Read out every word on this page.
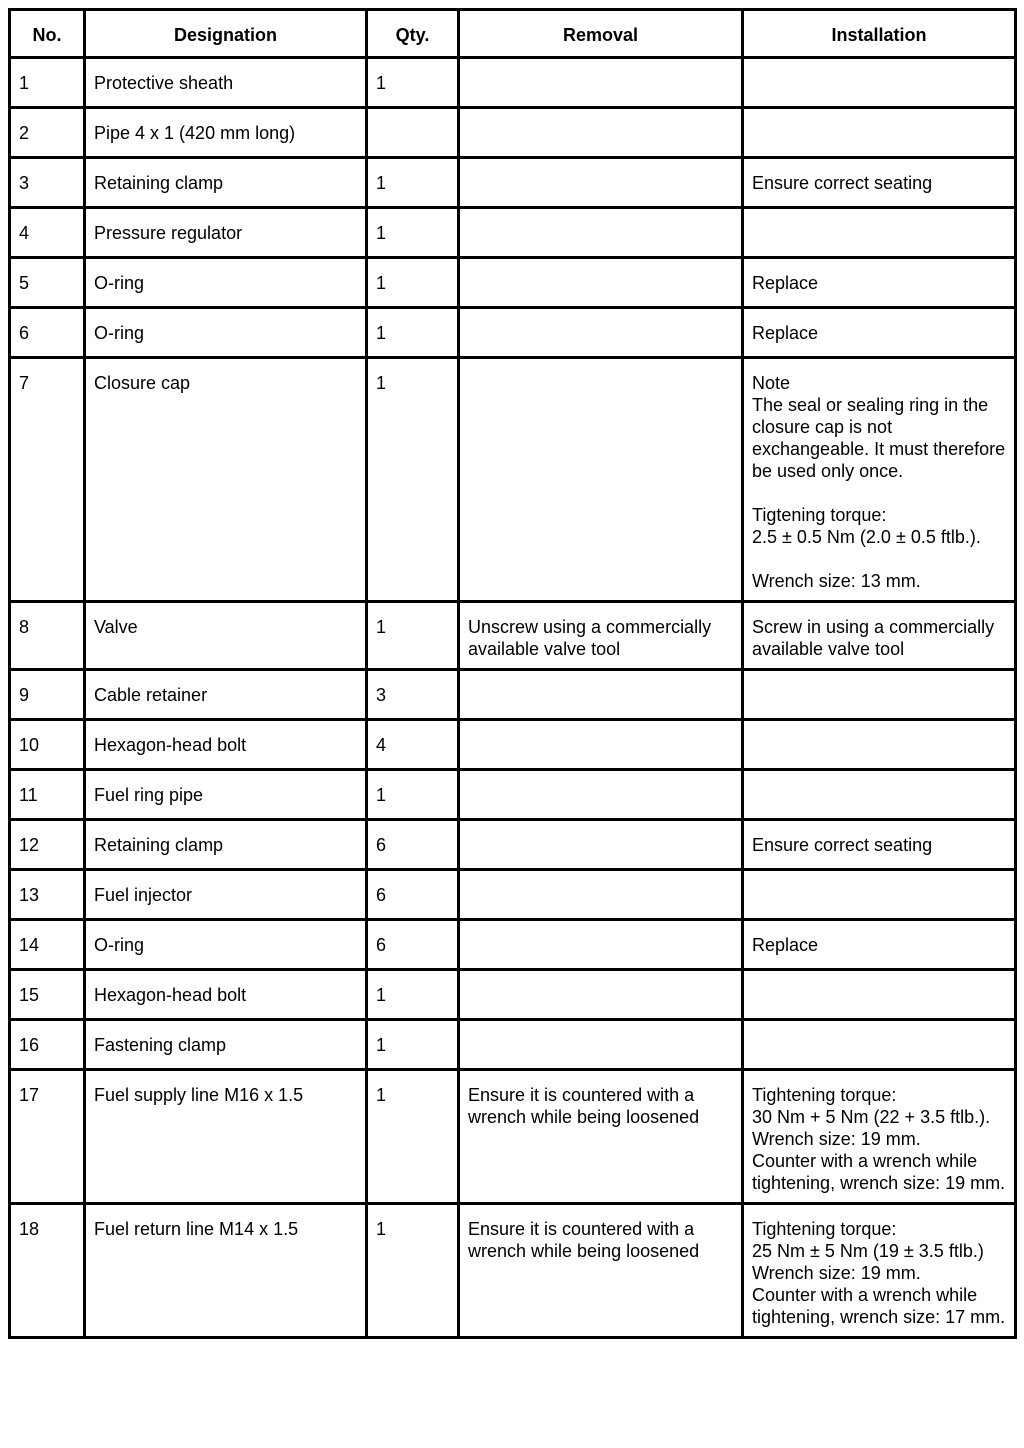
No.	Designation	Qty.	Removal	Installation
1	Protective sheath	1		
2	Pipe 4 x 1 (420 mm long)			
3	Retaining clamp	1		Ensure correct seating
4	Pressure regulator	1		
5	O-ring	1		Replace
6	O-ring	1		Replace
7	Closure cap	1		Note
The seal or sealing ring in the closure cap is not exchangeable. It must therefore be used only once.

Tigtening torque:
2.5 ± 0.5 Nm (2.0 ± 0.5 ftlb.).

Wrench size: 13 mm.
8	Valve	1	Unscrew using a commercially available valve tool	Screw in using a commercially available valve tool
9	Cable retainer	3		
10	Hexagon-head bolt	4		
11	Fuel ring pipe	1		
12	Retaining clamp	6		Ensure correct seating
13	Fuel injector	6		
14	O-ring	6		Replace
15	Hexagon-head bolt	1		
16	Fastening clamp	1		
17	Fuel supply line M16 x 1.5	1	Ensure it is countered with a wrench while being loosened	Tightening torque:
30 Nm + 5 Nm (22 + 3.5 ftlb.).
Wrench size: 19 mm.
Counter with a wrench while tightening, wrench size: 19 mm.
18	Fuel return line M14 x 1.5	1	Ensure it is countered with a wrench while being loosened	Tightening torque:
25 Nm ± 5 Nm (19 ± 3.5 ftlb.)
Wrench size: 19 mm.
Counter with a wrench while tightening, wrench size: 17 mm.
